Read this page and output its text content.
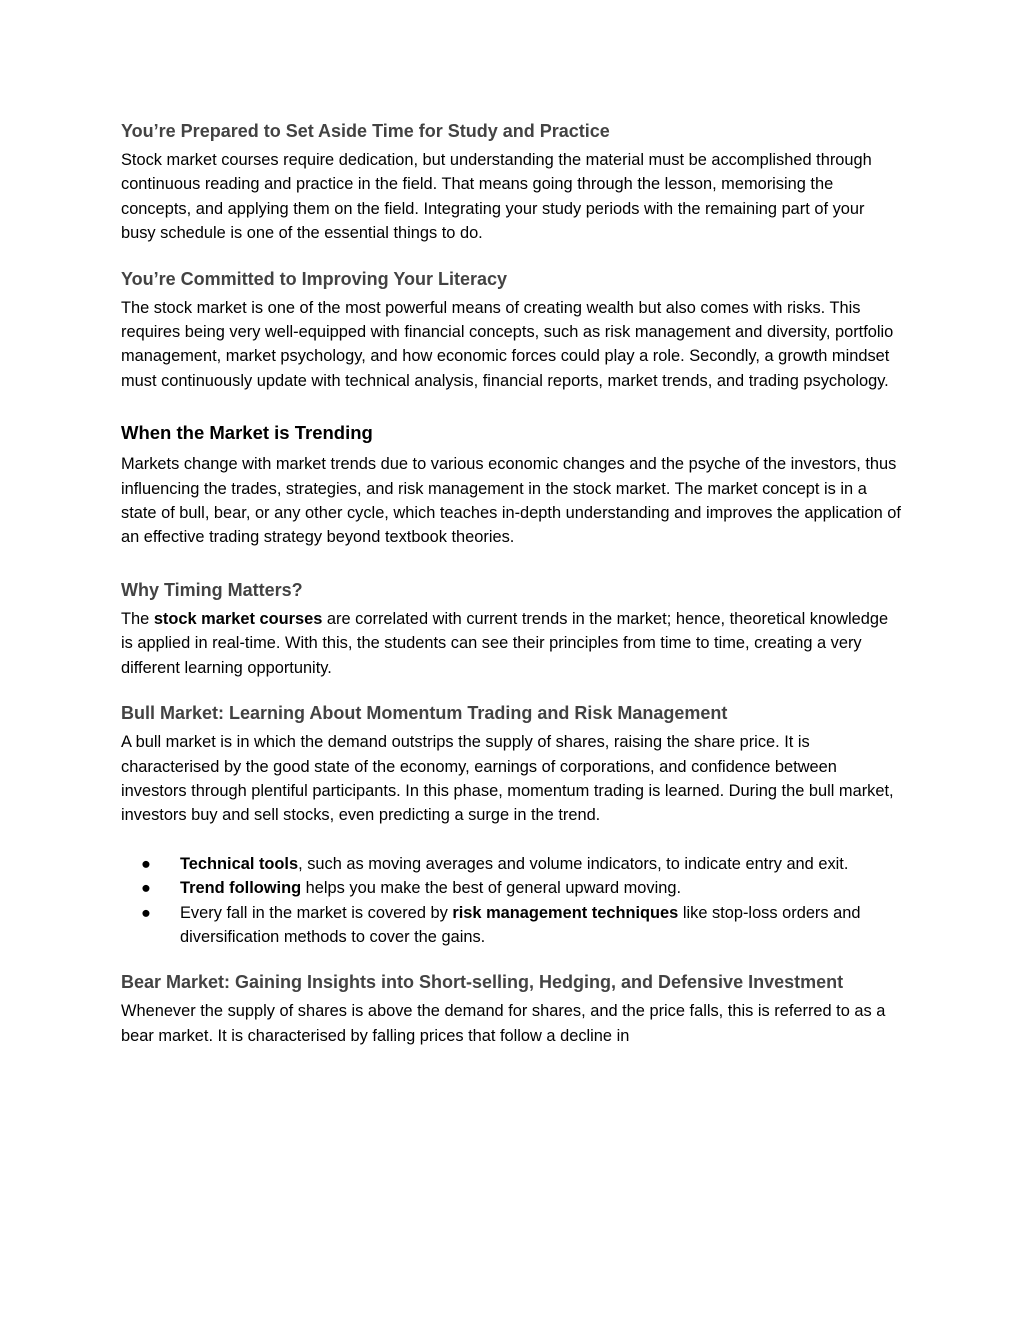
You’re Prepared to Set Aside Time for Study and Practice

Stock market courses require dedication, but understanding the material must be accomplished through continuous reading and practice in the field. That means going through the lesson, memorising the concepts, and applying them on the field. Integrating your study periods with the remaining part of your busy schedule is one of the essential things to do.

You’re Committed to Improving Your Literacy

The stock market is one of the most powerful means of creating wealth but also comes with risks. This requires being very well-equipped with financial concepts, such as risk management and diversity, portfolio management, market psychology, and how economic forces could play a role. Secondly, a growth mindset must continuously update with technical analysis, financial reports, market trends, and trading psychology.

When the Market is Trending

Markets change with market trends due to various economic changes and the psyche of the investors, thus influencing the trades, strategies, and risk management in the stock market. The market concept is in a state of bull, bear, or any other cycle, which teaches in-depth understanding and improves the application of an effective trading strategy beyond textbook theories.

Why Timing Matters?

The stock market courses are correlated with current trends in the market; hence, theoretical knowledge is applied in real-time. With this, the students can see their principles from time to time, creating a very different learning opportunity.

Bull Market: Learning About Momentum Trading and Risk Management

A bull market is in which the demand outstrips the supply of shares, raising the share price. It is characterised by the good state of the economy, earnings of corporations, and confidence between investors through plentiful participants. In this phase, momentum trading is learned. During the bull market, investors buy and sell stocks, even predicting a surge in the trend.

● Technical tools, such as moving averages and volume indicators, to indicate entry and exit.
● Trend following helps you make the best of general upward moving.
● Every fall in the market is covered by risk management techniques like stop-loss orders and diversification methods to cover the gains.
Bear Market: Gaining Insights into Short-selling, Hedging, and Defensive Investment

Whenever the supply of shares is above the demand for shares, and the price falls, this is referred to as a bear market. It is characterised by falling prices that follow a decline in
